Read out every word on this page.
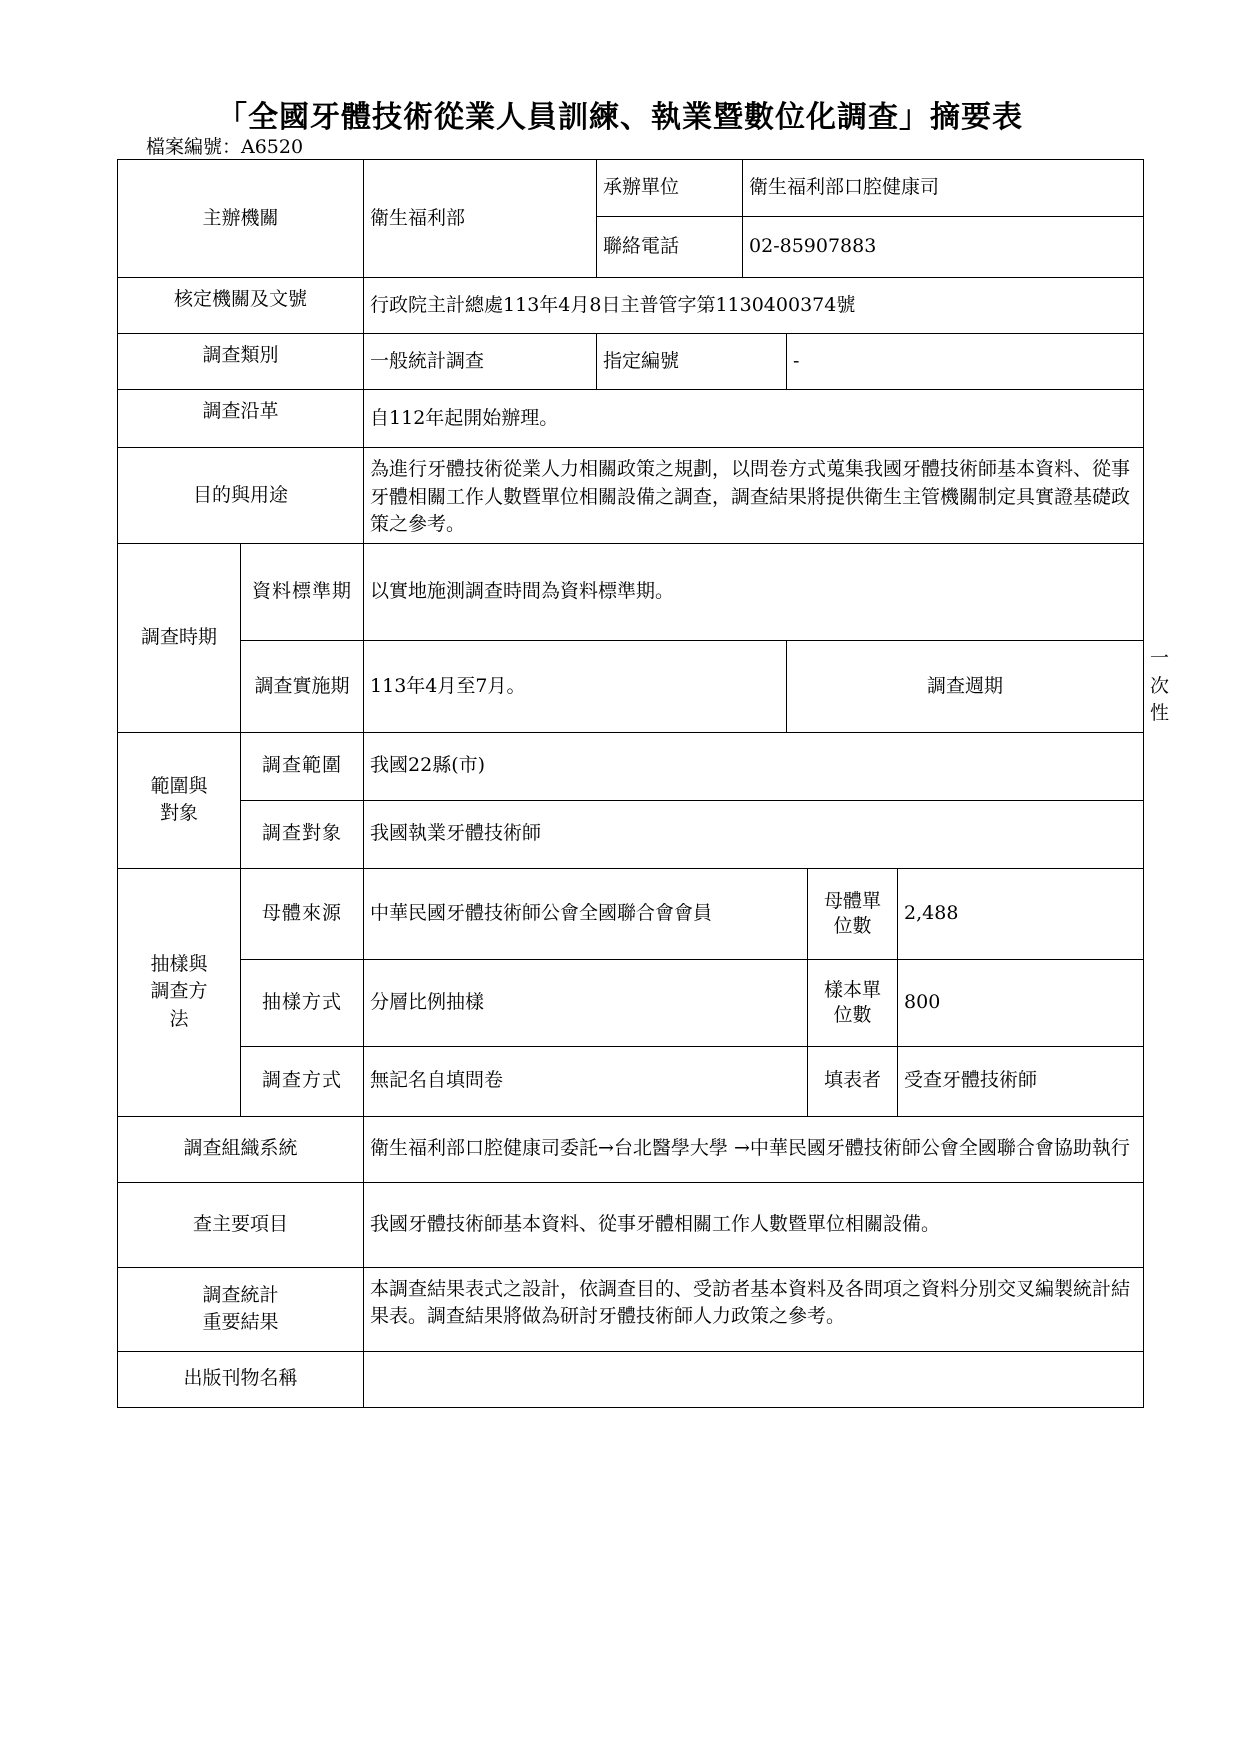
「全國牙體技術從業人員訓練、執業暨數位化調查」摘要表
檔案編號：A6520
主辦機關		衛生福利部	承辦單位	衛生福利部口腔健康司				
			聯絡電話	02-85907883				
核定機關及文號		行政院主計總處113年4月8日主普管字第1130400374號						
調查類別		一般統計調查	指定編號		-			
調查沿革		自112年起開始辦理。						
目的與用途		為進行牙體技術從業人力相關政策之規劃，以問卷方式蒐集我國牙體技術師基本資料、從事牙體相關工作人數暨單位相關設備之調查，調查結果將提供衛生主管機關制定具實證基礎政策之參考。						
調查時期	資料標準期	以實地施測調查時間為資料標準期。						
	調查實施期	113年4月至7月。			調查週期			一次性
範圍與對象	調查範圍	我國22縣(市)						
	調查對象	我國執業牙體技術師						
抽樣與調查方法	母體來源	中華民國牙體技術師公會全國聯合會會員				母體單位數	2,488	
	抽樣方式	分層比例抽樣				樣本單位數	800	
	調查方式	無記名自填問卷				填表者	受查牙體技術師	
調查組織系統		衛生福利部口腔健康司委託→台北醫學大學 →中華民國牙體技術師公會全國聯合會協助執行						
查主要項目		我國牙體技術師基本資料、從事牙體相關工作人數暨單位相關設備。						

調查統計
重要結果		本調查結果表式之設計，依調查目的、受訪者基本資料及各問項之資料分別交叉編製統計結果表。調查結果將做為研討牙體技術師人力政策之參考。						
出版刊物名稱								
